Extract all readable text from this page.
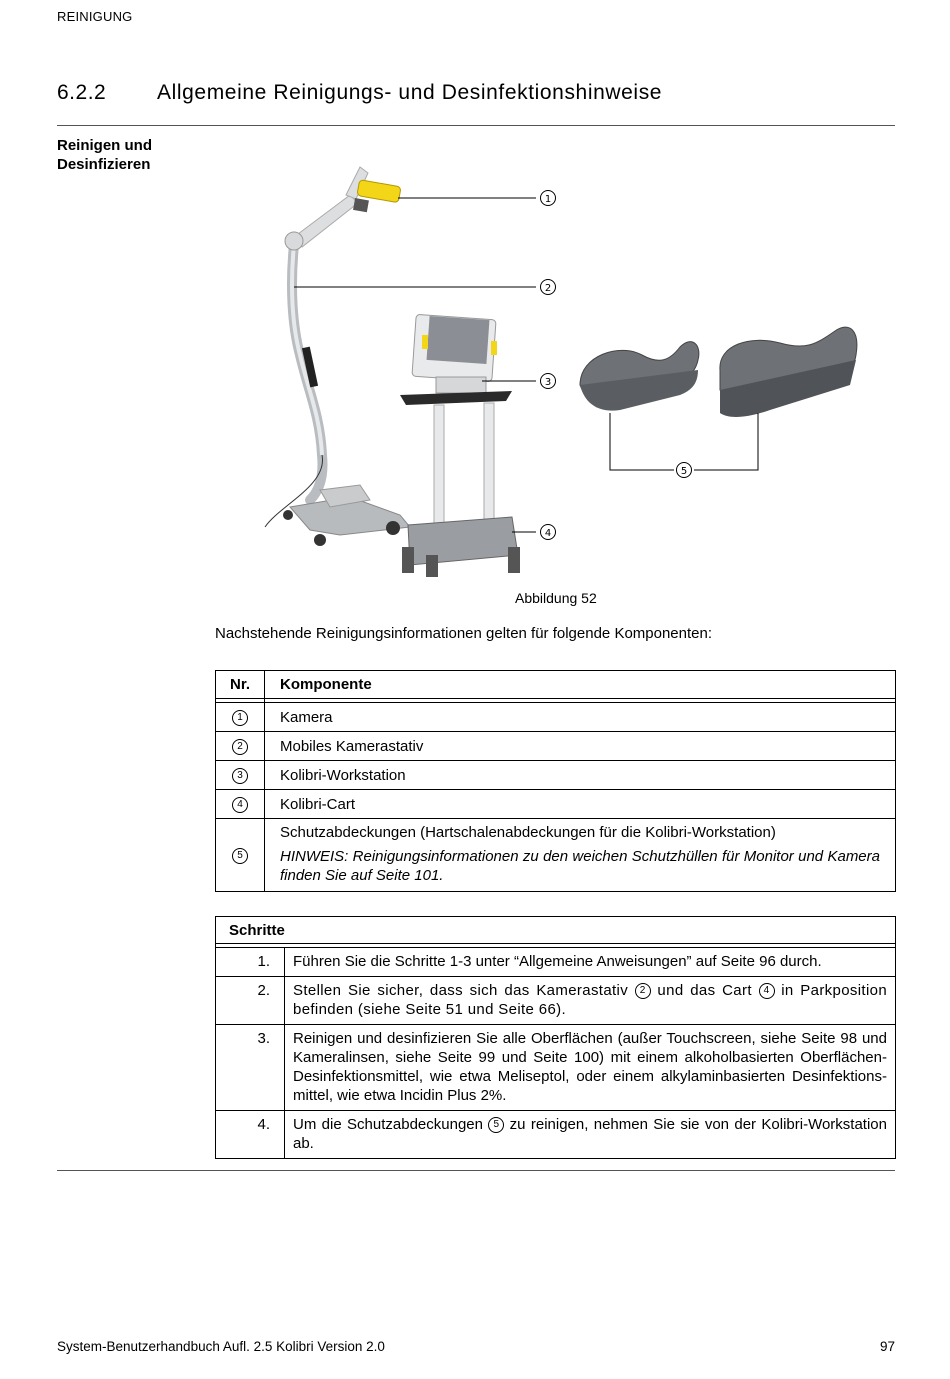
REINIGUNG
6.2.2 Allgemeine Reinigungs- und Desinfektionshinweise
Reinigen und
Desinfizieren
1
2
3
4
5
Abbildung 52
Nachstehende Reinigungsinformationen gelten für folgende Komponenten:
Nr.	Komponente

1	Kamera
2	Mobiles Kamerastativ
3	Kolibri-Workstation
4	Kolibri-Cart
5	Schutzabdeckungen (Hartschalenabdeckungen für die Kolibri-Workstation)
HINWEIS: Reinigungsinformationen zu den weichen Schutzhüllen für Monitor und Kamera finden Sie auf Seite 101.
Schritte	

1.	Führen Sie die Schritte 1-3 unter “Allgemeine Anweisungen” auf Seite 96 durch.
2.	Stellen Sie sicher, dass sich das Kamerastativ 2 und das Cart 4 in Parkposition befinden (siehe Seite 51 und Seite 66).
3.	Reinigen und desinfizieren Sie alle Oberflächen (außer Touchscreen, siehe Seite 98 und Kameralinsen, siehe Seite 99 und Seite 100) mit einem alkoholbasierten Oberflächen-Desinfektionsmittel, wie etwa Meliseptol, oder einem alkylaminbasierten Desinfektions-mittel, wie etwa Incidin Plus 2%.
4.	Um die Schutzabdeckungen 5 zu reinigen, nehmen Sie sie von der Kolibri-Workstation ab.
System-Benutzerhandbuch Aufl. 2.5 Kolibri Version 2.0	97
